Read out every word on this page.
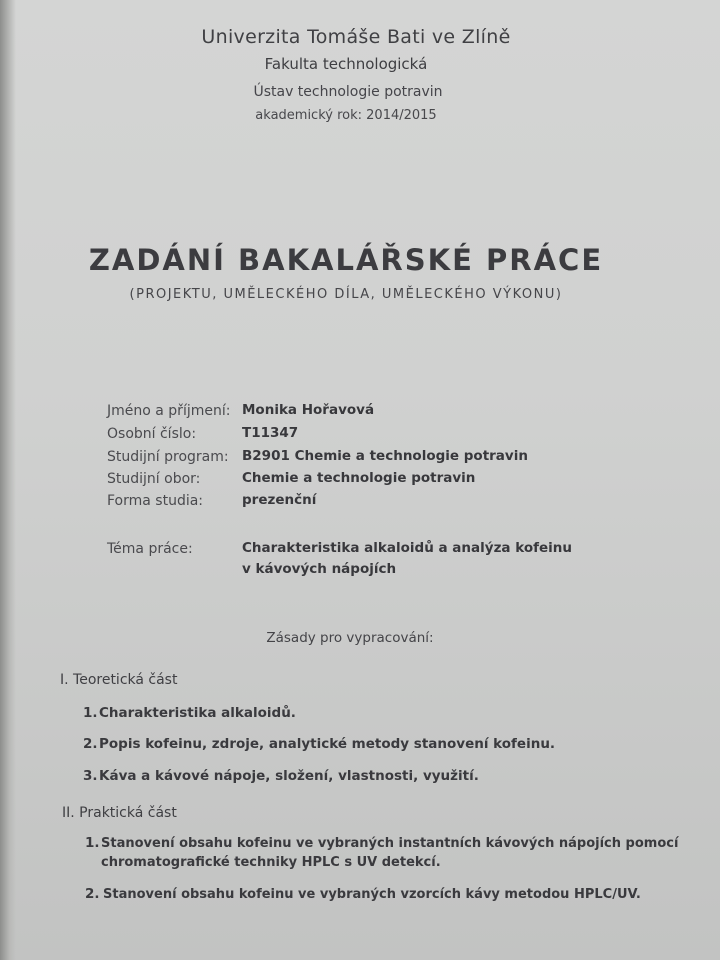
Univerzita Tomáše Bati ve Zlíně
Fakulta technologická
Ústav technologie potravin
akademický rok: 2014/2015
ZADÁNÍ BAKALÁŘSKÉ PRÁCE
(PROJEKTU, UMĚLECKÉHO DÍLA, UMĚLECKÉHO VÝKONU)
Jméno a příjmení: Monika Hořavová
Osobní číslo:	T11347
Studijní program: B2901 Chemie a technologie potravin
Studijní obor:	Chemie a technologie potravin
Forma studia:	prezenční
Téma práce:	Charakteristika alkaloidů a analýza kofeinu
v kávových nápojích
Zásady pro vypracování:
I. Teoretická část
1. Charakteristika alkaloidů.
2. Popis kofeinu, zdroje, analytické metody stanovení kofeinu.
3. Káva a kávové nápoje, složení, vlastnosti, využití.
II. Praktická část
1. Stanovení obsahu kofeinu ve vybraných instantních kávových nápojích pomocí
chromatografické techniky HPLC s UV detekcí.
2. Stanovení obsahu kofeinu ve vybraných vzorcích kávy metodou HPLC/UV.
